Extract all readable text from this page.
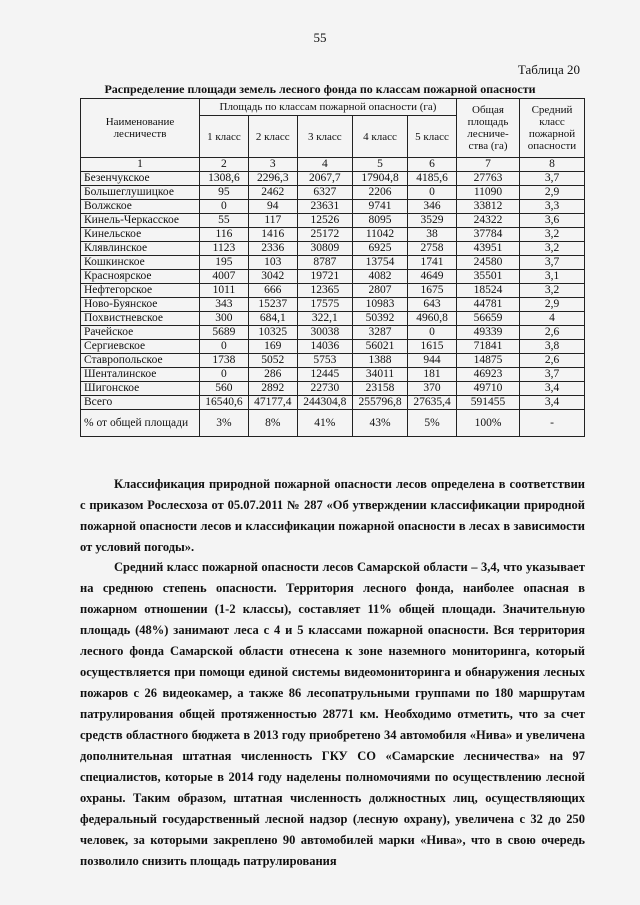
55
Таблица 20
Распределение площади земель лесного фонда по классам пожарной опасности
Наименование лесничеств	Площадь по классам пожарной опасности (га)					Общая площадь лесниче-ства (га)	Средний класс пожарной опасности
	1 класс	2 класс	3 класс	4 класс	5 класс		
1	2	3	4	5	6	7	8
Безенчукское	1308,6	2296,3	2067,7	17904,8	4185,6	27763	3,7
Большеглушицкое	95	2462	6327	2206	0	11090	2,9
Волжское	0	94	23631	9741	346	33812	3,3
Кинель-Черкасское	55	117	12526	8095	3529	24322	3,6
Кинельское	116	1416	25172	11042	38	37784	3,2
Клявлинское	1123	2336	30809	6925	2758	43951	3,2
Кошкинское	195	103	8787	13754	1741	24580	3,7
Красноярское	4007	3042	19721	4082	4649	35501	3,1
Нефтегорское	1011	666	12365	2807	1675	18524	3,2
Ново-Буянское	343	15237	17575	10983	643	44781	2,9
Похвистневское	300	684,1	322,1	50392	4960,8	56659	4
Рачейское	5689	10325	30038	3287	0	49339	2,6
Сергиевское	0	169	14036	56021	1615	71841	3,8
Ставропольское	1738	5052	5753	1388	944	14875	2,6
Шенталинское	0	286	12445	34011	181	46923	3,7
Шигонское	560	2892	22730	23158	370	49710	3,4
Всего	16540,6	47177,4	244304,8	255796,8	27635,4	591455	3,4
% от общей площади	3%	8%	41%	43%	5%	100%	-
Классификация природной пожарной опасности лесов определена в соответствии с приказом Рослесхоза от 05.07.2011 № 287 «Об утверждении классификации природной пожарной опасности лесов и классификации пожарной опасности в лесах в зависимости от условий погоды».
Средний класс пожарной опасности лесов Самарской области – 3,4, что указывает на среднюю степень опасности. Территория лесного фонда, наиболее опасная в пожарном отношении (1-2 классы), составляет 11% общей площади. Значительную площадь (48%) занимают леса с 4 и 5 классами пожарной опасности. Вся территория лесного фонда Самарской области отнесена к зоне наземного мониторинга, который осуществляется при помощи единой системы видеомониторинга и обнаружения лесных пожаров с 26 видеокамер, а также 86 лесопатрульными группами по 180 маршрутам патрулирования общей протяженностью 28771 км. Необходимо отметить, что за счет средств областного бюджета в 2013 году приобретено 34 автомобиля «Нива» и увеличена дополнительная штатная численность ГКУ СО «Самарские лесничества» на 97 специалистов, которые в 2014 году наделены полномочиями по осуществлению лесной охраны. Таким образом, штатная численность должностных лиц, осуществляющих федеральный государственный лесной надзор (лесную охрану), увеличена с 32 до 250 человек, за которыми закреплено 90 автомобилей марки «Нива», что в свою очередь позволило снизить площадь патрулирования
